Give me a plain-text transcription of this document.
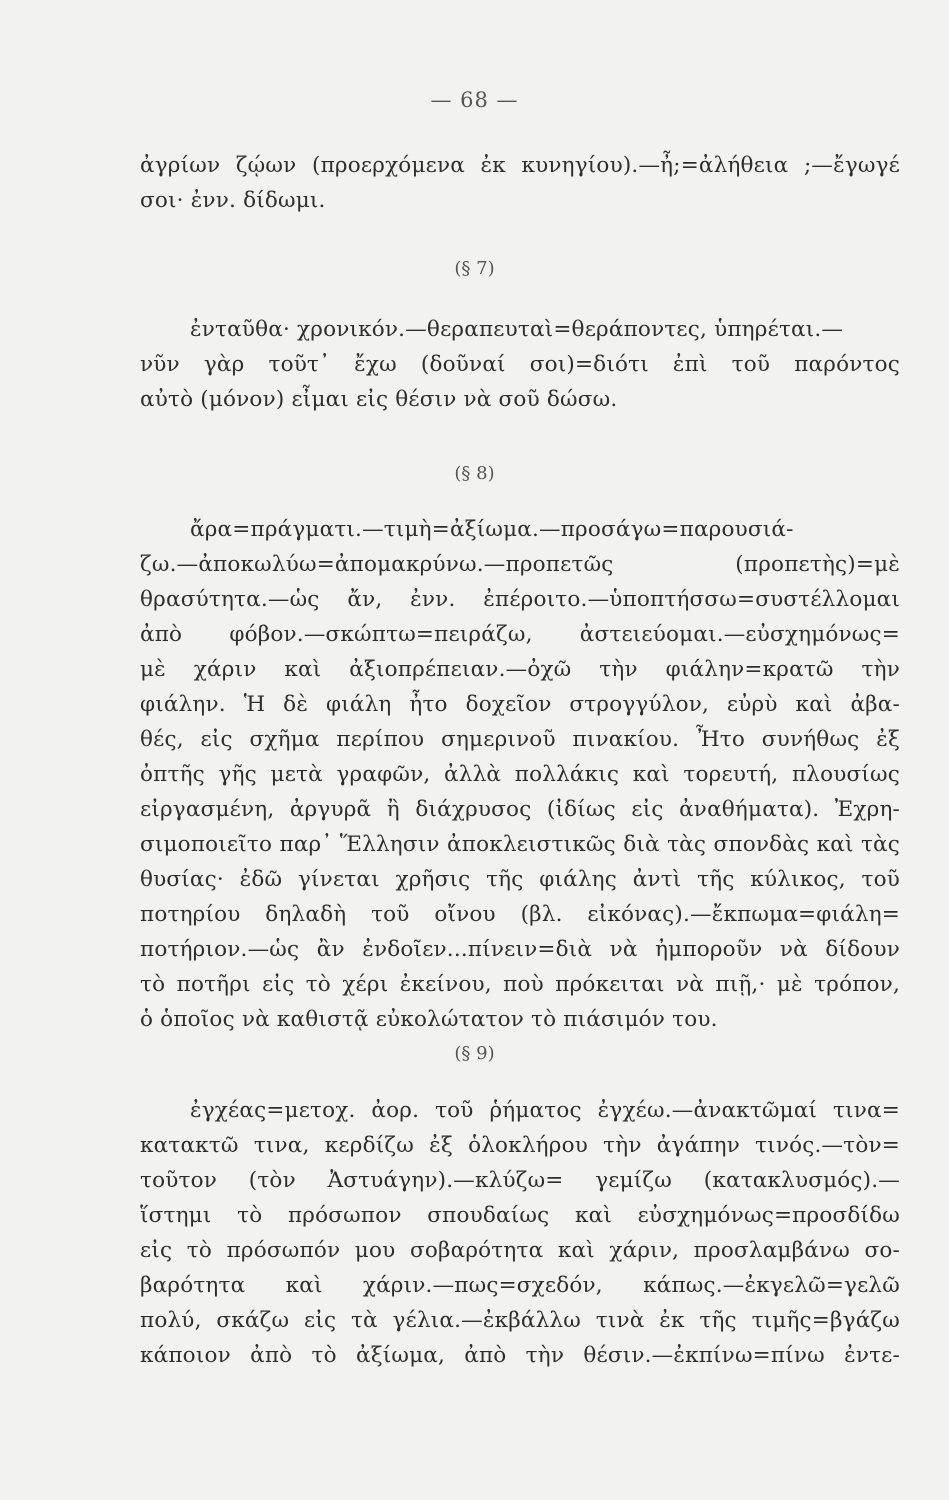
— 68 —
ἀγρίων ζῴων (προερχόμενα ἐκ κυνηγίου).—ἦ;=ἀλήθεια ;—ἔγωγέ
σοι· ἐνν. δίδωμι.
(§ 7)
ἐνταῦθα· χρονικόν.—θεραπευταὶ=θεράποντες, ὑπηρέται.—
νῦν γὰρ τοῦτ᾽ ἔχω (δοῦναί σοι)=διότι ἐπὶ τοῦ παρόντος
αὐτὸ (μόνον) εἶμαι εἰς θέσιν νὰ σοῦ δώσω.
(§ 8)
ἄρα=πράγματι.—τιμὴ=ἀξίωμα.—προσάγω=παρουσιά-
ζω.—ἀποκωλύω=ἀπομακρύνω.—προπετῶς (προπετὴς)=μὲ
θρασύτητα.—ὡς ἄν, ἐνν. ἐπέροιτο.—ὑποπτήσσω=συστέλλομαι
ἀπὸ φόβον.—σκώπτω=πειράζω, ἀστειεύομαι.—εὐσχημόνως=
μὲ χάριν καὶ ἀξιοπρέπειαν.—ὀχῶ τὴν φιάλην=κρατῶ τὴν
φιάλην. Ἡ δὲ φιάλη ἦτο δοχεῖον στρογγύλον, εὐρὺ καὶ ἀβα-
θές, εἰς σχῆμα περίπου σημερινοῦ πινακίου. Ἦτο συνήθως ἐξ
ὀπτῆς γῆς μετὰ γραφῶν, ἀλλὰ πολλάκις καὶ τορευτή, πλουσίως
εἰργασμένη, ἀργυρᾶ ἢ διάχρυσος (ἰδίως εἰς ἀναθήματα). Ἐχρη-
σιμοποιεῖτο παρ᾽ Ἕλλησιν ἀποκλειστικῶς διὰ τὰς σπονδὰς καὶ τὰς
θυσίας· ἐδῶ γίνεται χρῆσις τῆς φιάλης ἀντὶ τῆς κύλικος, τοῦ
ποτηρίου δηλαδὴ τοῦ οἴνου (βλ. εἰκόνας).—ἔκπωμα=φιάλη=
ποτήριον.—ὡς ἂν ἐνδοῖεν...πίνειν=διὰ νὰ ἠμποροῦν νὰ δίδουν
τὸ ποτῆρι εἰς τὸ χέρι ἐκείνου, ποὺ πρόκειται νὰ πιῇ,· μὲ τρόπον,
ὁ ὁποῖος νὰ καθιστᾷ εὐκολώτατον τὸ πιάσιμόν του.
(§ 9)
ἐγχέας=μετοχ. ἀορ. τοῦ ῥήματος ἐγχέω.—ἀνακτῶμαί τινα=
κατακτῶ τινα, κερδίζω ἐξ ὁλοκλήρου τὴν ἀγάπην τινός.—τὸν=
τοῦτον (τὸν Ἀστυάγην).—κλύζω= γεμίζω (κατακλυσμός).—
ἵστημι τὸ πρόσωπον σπουδαίως καὶ εὐσχημόνως=προσδίδω
εἰς τὸ πρόσωπόν μου σοβαρότητα καὶ χάριν, προσλαμβάνω σο-
βαρότητα καὶ χάριν.—πως=σχεδόν, κάπως.—ἐκγελῶ=γελῶ
πολύ, σκάζω εἰς τὰ γέλια.—ἐκβάλλω τινὰ ἐκ τῆς τιμῆς=βγάζω
κάποιον ἀπὸ τὸ ἀξίωμα, ἀπὸ τὴν θέσιν.—ἐκπίνω=πίνω ἐντε-
